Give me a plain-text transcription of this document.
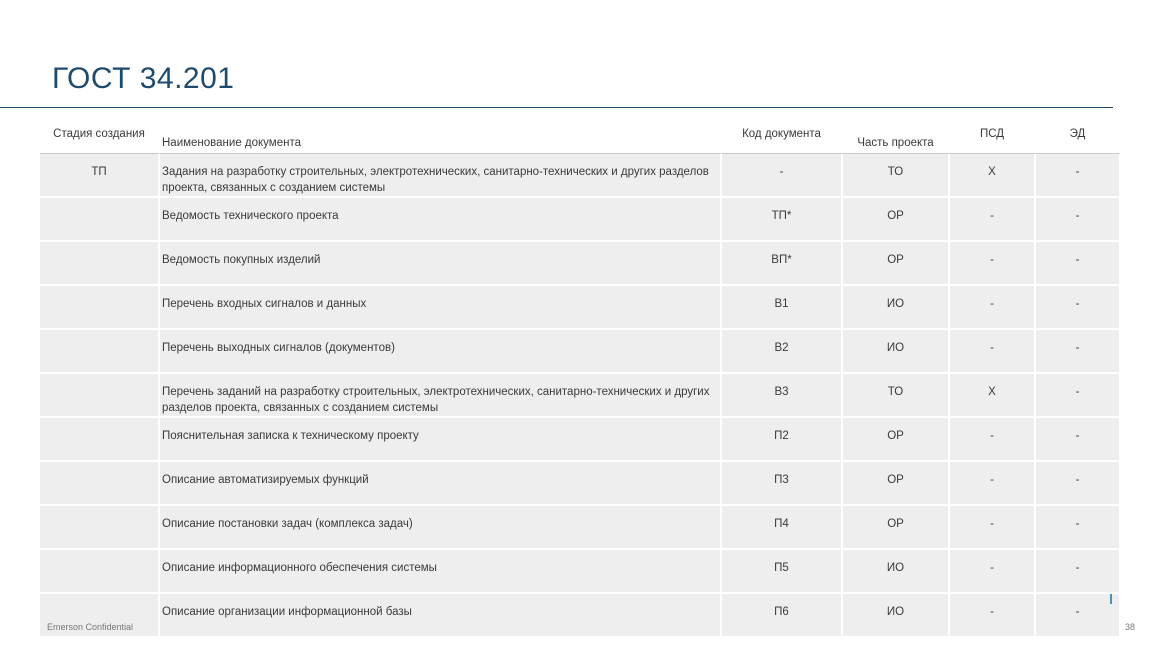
ГОСТ 34.201
Стадия создания	Наименование документа	Код документа	Часть проекта	ПСД	ЭД

ТП	Задания на разработку строительных, электротехнических, санитарно-технических и других разделов проекта, связанных с созданием системы	-	ТО	Х	-

	Ведомость технического проекта	ТП*	ОР	-	-

	Ведомость покупных изделий	ВП*	ОР	-	-

	Перечень входных сигналов и данных	В1	ИО	-	-

	Перечень выходных сигналов (документов)	В2	ИО	-	-

	Перечень заданий на разработку строительных, электротехнических, санитарно-технических и других разделов проекта, связанных с созданием системы	В3	ТО	Х	-

	Пояснительная записка к техническому проекту	П2	ОР	-	-

	Описание автоматизируемых функций	П3	ОР	-	-

	Описание постановки задач (комплекса задач)	П4	ОР	-	-

	Описание информационного обеспечения системы	П5	ИО	-	-

	Описание организации информационной базы	П6	ИО	-	-
Emerson Confidential	38
